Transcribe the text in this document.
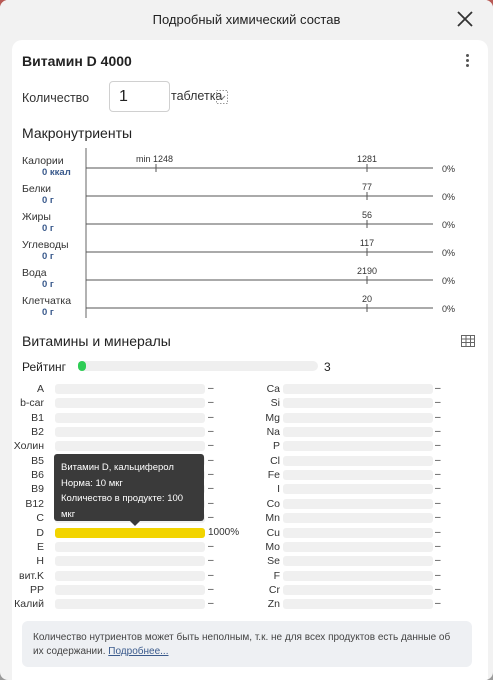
Подробный химический состав
Витамин D 4000
Количество
1	таблетка
Макронутриенты
Калории
0 ккал
1281
min 1248
0%
Белки
0 г
77
0%
Жиры
0 г
56
0%
Углеводы
0 г
117
0%
Вода
0 г
2190
0%
Клетчатка
0 г
20
0%
Витамины и минералы
Рейтинг	3
A	–
b-car	–
B1	–
B2	–
Холин	–
B5	–
B6	–
B9	–
B12	–
C	–
D	1000%
E	–
H	–
вит.K	–
PP	–
Калий	–
Ca	–
Si	–
Mg	–
Na	–
P	–
Cl	–
Fe	–
I	–
Co	–
Mn	–
Cu	–
Mo	–
Se	–
F	–
Cr	–
Zn	–
Витамин D, кальциферол
Норма: 10 мкг
Количество в продукте: 100
мкг
Количество нутриентов может быть неполным, т.к. не для всех продуктов есть данные об их содержании. Подробнее...
